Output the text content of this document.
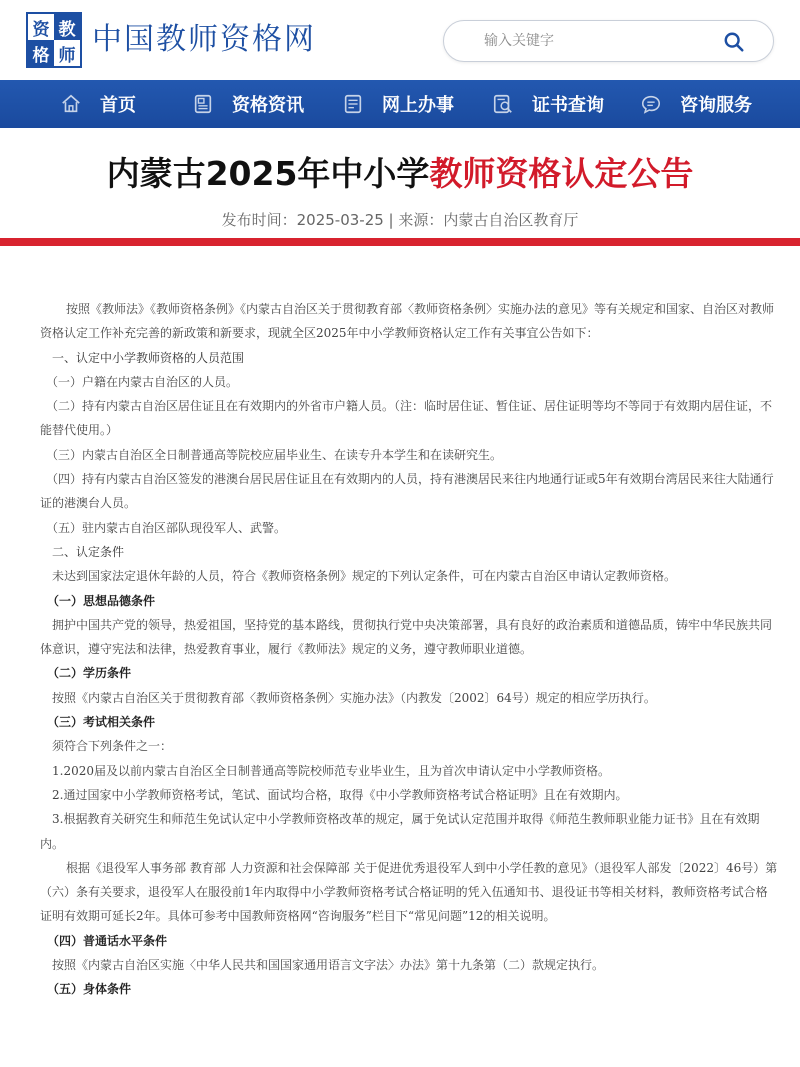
资 教
格 师 中国教师资格网
输入关键字
首页	资格资讯	网上办事	证书查询	咨询服务
内蒙古2025年中小学教师资格认定公告
发布时间：2025-03-25 | 来源：内蒙古自治区教育厅

按照《教师法》《教师资格条例》《内蒙古自治区关于贯彻教育部〈教师资格条例〉实施办法的意见》等有关规定和国家、自治区对教师资格认定工作补充完善的新政策和新要求，现就全区2025年中小学教师资格认定工作有关事宜公告如下：

　一、认定中小学教师资格的人员范围

　（一）户籍在内蒙古自治区的人员。

　（二）持有内蒙古自治区居住证且在有效期内的外省市户籍人员。（注：临时居住证、暂住证、居住证明等均不等同于有效期内居住证，不能替代使用。）

　（三）内蒙古自治区全日制普通高等院校应届毕业生、在读专升本学生和在读研究生。

　（四）持有内蒙古自治区签发的港澳台居民居住证且在有效期内的人员，持有港澳居民来往内地通行证或5年有效期台湾居民来往大陆通行证的港澳台人员。

　（五）驻内蒙古自治区部队现役军人、武警。

　二、认定条件

　未达到国家法定退休年龄的人员，符合《教师资格条例》规定的下列认定条件，可在内蒙古自治区申请认定教师资格。

（一）思想品德条件

　拥护中国共产党的领导，热爱祖国，坚持党的基本路线，贯彻执行党中央决策部署，具有良好的政治素质和道德品质，铸牢中华民族共同体意识，遵守宪法和法律，热爱教育事业，履行《教师法》规定的义务，遵守教师职业道德。

（二）学历条件

　按照《内蒙古自治区关于贯彻教育部〈教师资格条例〉实施办法》（内教发〔2002〕64号）规定的相应学历执行。

（三）考试相关条件

　须符合下列条件之一：

　1.2020届及以前内蒙古自治区全日制普通高等院校师范专业毕业生，且为首次申请认定中小学教师资格。

　2.通过国家中小学教师资格考试，笔试、面试均合格，取得《中小学教师资格考试合格证明》且在有效期内。

　3.根据教育关研究生和师范生免试认定中小学教师资格改革的规定，属于免试认定范围并取得《师范生教师职业能力证书》且在有效期内。

根据《退役军人事务部 教育部 人力资源和社会保障部 关于促进优秀退役军人到中小学任教的意见》（退役军人部发〔2022〕46号）第（六）条有关要求，退役军人在服役前1年内取得中小学教师资格考试合格证明的凭入伍通知书、退役证书等相关材料，教师资格考试合格证明有效期可延长2年。具体可参考中国教师资格网“咨询服务”栏目下“常见问题”12的相关说明。

（四）普通话水平条件

　按照《内蒙古自治区实施〈中华人民共和国国家通用语言文字法〉办法》第十九条第（二）款规定执行。

（五）身体条件
